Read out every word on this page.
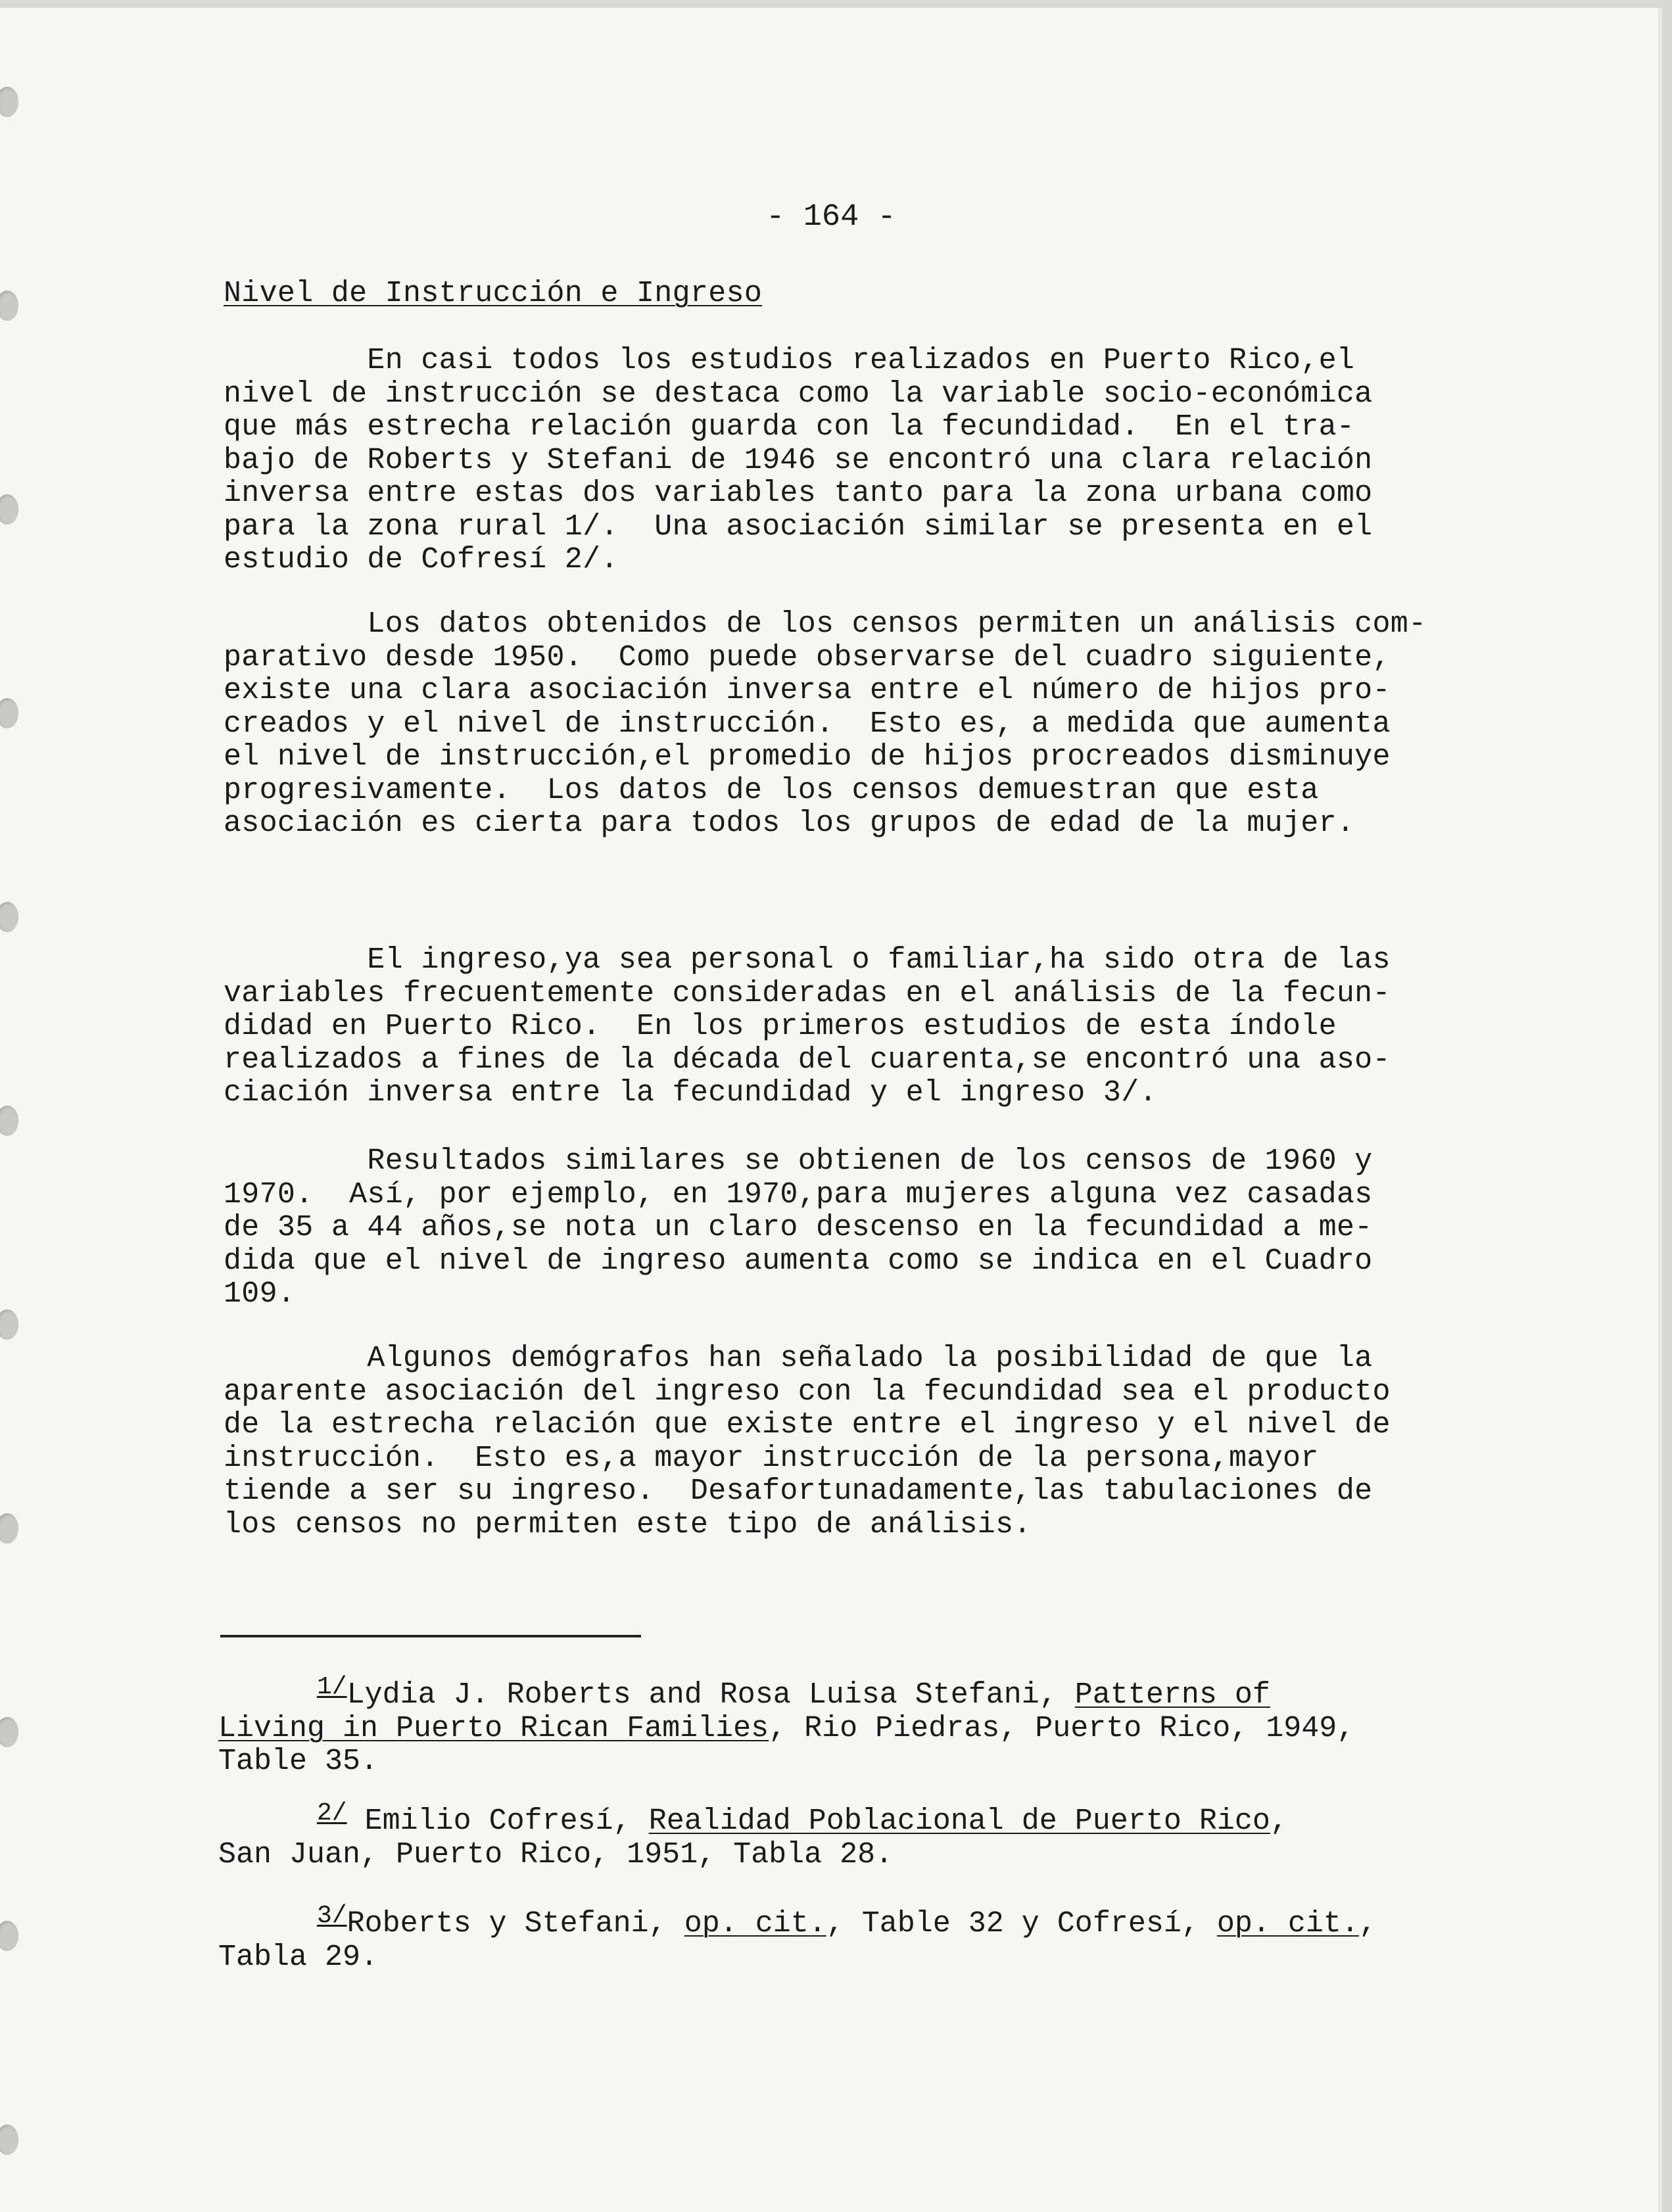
- 164 -
Nivel de Instrucción e Ingreso
En casi todos los estudios realizados en Puerto Rico,el
nivel de instrucción se destaca como la variable socio-económica
que más estrecha relación guarda con la fecundidad.  En el tra-
bajo de Roberts y Stefani de 1946 se encontró una clara relación
inversa entre estas dos variables tanto para la zona urbana como
para la zona rural 1/.  Una asociación similar se presenta en el
estudio de Cofresí 2/.
Los datos obtenidos de los censos permiten un análisis com-
parativo desde 1950.  Como puede observarse del cuadro siguiente,
existe una clara asociación inversa entre el número de hijos pro-
creados y el nivel de instrucción.  Esto es, a medida que aumenta
el nivel de instrucción,el promedio de hijos procreados disminuye
progresivamente.  Los datos de los censos demuestran que esta
asociación es cierta para todos los grupos de edad de la mujer.
El ingreso,ya sea personal o familiar,ha sido otra de las
variables frecuentemente consideradas en el análisis de la fecun-
didad en Puerto Rico.  En los primeros estudios de esta índole
realizados a fines de la década del cuarenta,se encontró una aso-
ciación inversa entre la fecundidad y el ingreso 3/.
Resultados similares se obtienen de los censos de 1960 y
1970.  Así, por ejemplo, en 1970,para mujeres alguna vez casadas
de 35 a 44 años,se nota un claro descenso en la fecundidad a me-
dida que el nivel de ingreso aumenta como se indica en el Cuadro
109.
Algunos demógrafos han señalado la posibilidad de que la
aparente asociación del ingreso con la fecundidad sea el producto
de la estrecha relación que existe entre el ingreso y el nivel de
instrucción.  Esto es,a mayor instrucción de la persona,mayor
tiende a ser su ingreso.  Desafortunadamente,las tabulaciones de
los censos no permiten este tipo de análisis.
$^{1/}$Lydia J. Roberts and Rosa Luisa Stefani, Patterns of
Living in Puerto Rican Families, Rio Piedras, Puerto Rico, 1949,
Table 35.
$^{2/}$ Emilio Cofresí, Realidad Poblacional de Puerto Rico,
San Juan, Puerto Rico, 1951, Tabla 28.
$^{3/}$Roberts y Stefani, op. cit., Table 32 y Cofresí, op. cit.,
Tabla 29.
